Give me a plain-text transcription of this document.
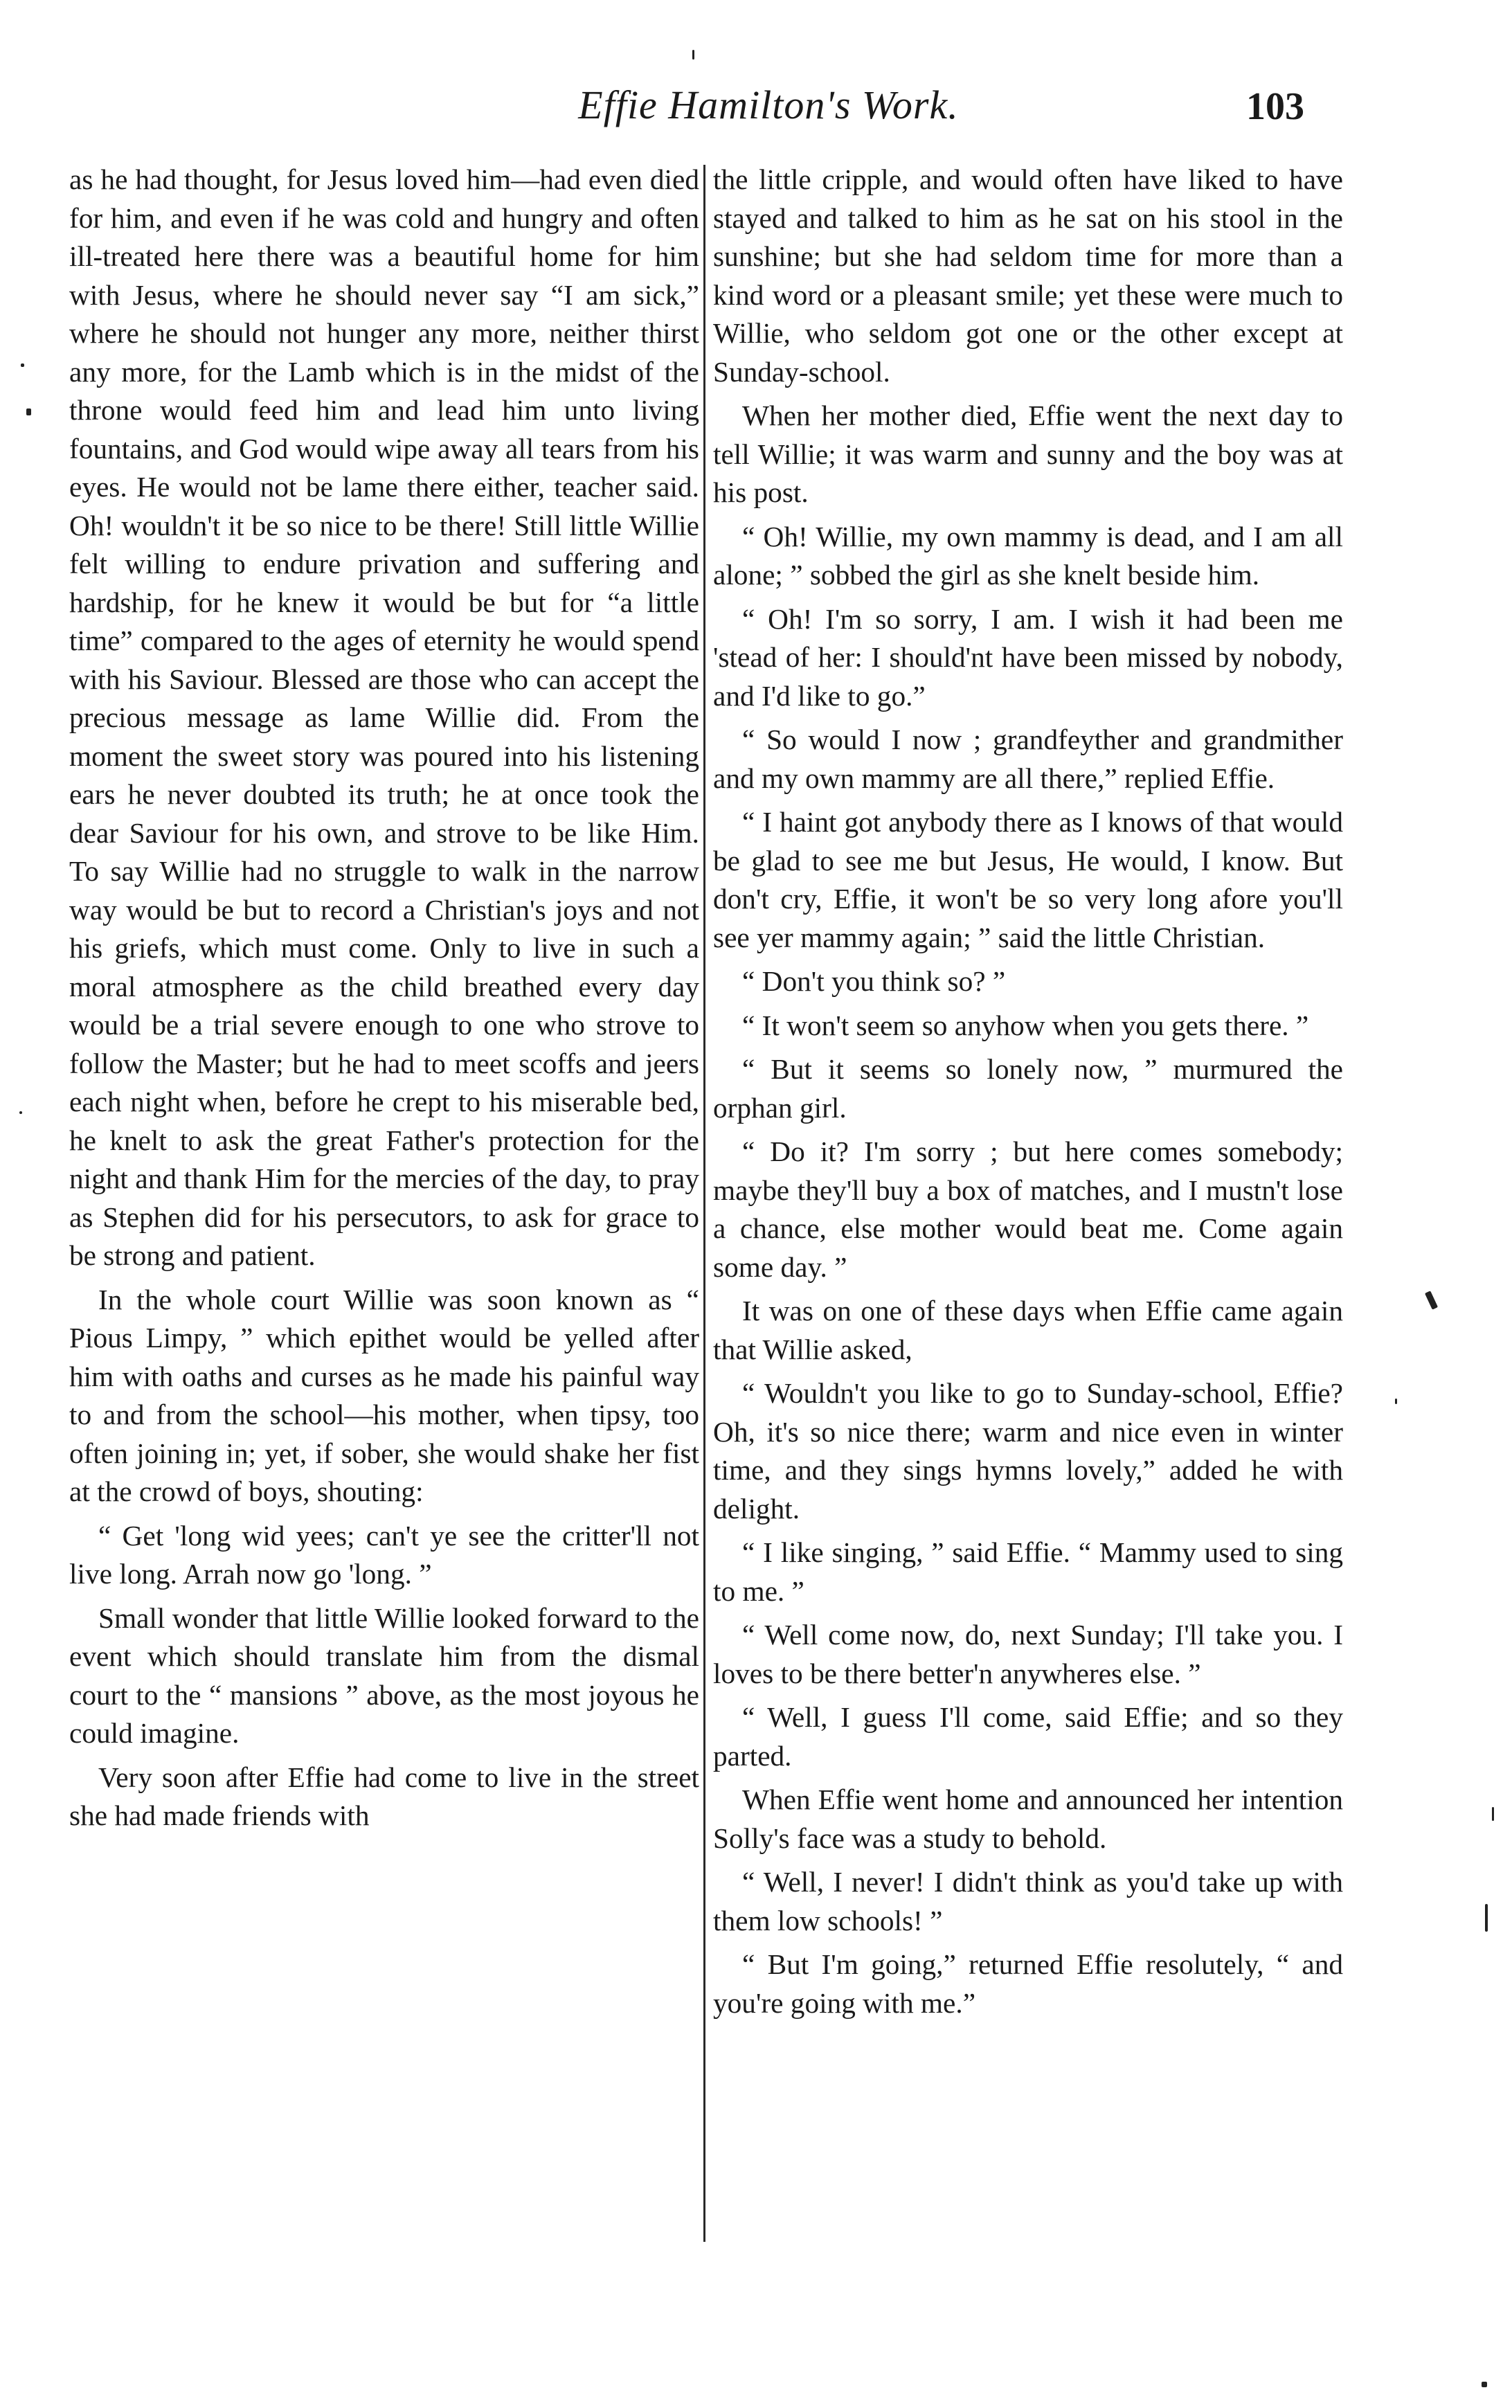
Effie Hamilton's Work.	103

as he had thought, for Jesus loved him—had even died for him, and even if he was cold and hungry and often ill-treated here there was a beautiful home for him with Jesus, where he should never say “I am sick,” where he should not hunger any more, neither thirst any more, for the Lamb which is in the midst of the throne would feed him and lead him unto living fountains, and God would wipe away all tears from his eyes. He would not be lame there either, teacher said. Oh! wouldn't it be so nice to be there! Still little Willie felt willing to endure privation and suffering and hardship, for he knew it would be but for “a little time” compared to the ages of eternity he would spend with his Saviour. Blessed are those who can accept the precious message as lame Willie did. From the moment the sweet story was poured into his listening ears he never doubted its truth; he at once took the dear Saviour for his own, and strove to be like Him. To say Willie had no struggle to walk in the narrow way would be but to record a Christian's joys and not his griefs, which must come. Only to live in such a moral atmosphere as the child breathed every day would be a trial severe enough to one who strove to follow the Master; but he had to meet scoffs and jeers each night when, before he crept to his miserable bed, he knelt to ask the great Father's protection for the night and thank Him for the mercies of the day, to pray as Stephen did for his persecutors, to ask for grace to be strong and patient.

In the whole court Willie was soon known as “ Pious Limpy, ” which epithet would be yelled after him with oaths and curses as he made his painful way to and from the school—his mother, when tipsy, too often joining in; yet, if sober, she would shake her fist at the crowd of boys, shouting:

“ Get 'long wid yees; can't ye see the critter'll not live long. Arrah now go 'long. ”

Small wonder that little Willie looked forward to the event which should translate him from the dismal court to the “ mansions ” above, as the most joyous he could imagine.

Very soon after Effie had come to live in the street she had made friends with

the little cripple, and would often have liked to have stayed and talked to him as he sat on his stool in the sunshine; but she had seldom time for more than a kind word or a pleasant smile; yet these were much to Willie, who seldom got one or the other except at Sunday-school.

When her mother died, Effie went the next day to tell Willie; it was warm and sunny and the boy was at his post.

“ Oh! Willie, my own mammy is dead, and I am all alone; ” sobbed the girl as she knelt beside him.

“ Oh! I'm so sorry, I am. I wish it had been me 'stead of her: I should'nt have been missed by nobody, and I'd like to go.”

“ So would I now ; grandfeyther and grandmither and my own mammy are all there,” replied Effie.

“ I haint got anybody there as I knows of that would be glad to see me but Jesus, He would, I know. But don't cry, Effie, it won't be so very long afore you'll see yer mammy again; ” said the little Christian.

“ Don't you think so? ”

“ It won't seem so anyhow when you gets there. ”

“ But it seems so lonely now, ” murmured the orphan girl.

“ Do it? I'm sorry ; but here comes somebody; maybe they'll buy a box of matches, and I mustn't lose a chance, else mother would beat me. Come again some day. ”

It was on one of these days when Effie came again that Willie asked,

“ Wouldn't you like to go to Sunday-school, Effie? Oh, it's so nice there; warm and nice even in winter time, and they sings hymns lovely,” added he with delight.

“ I like singing, ” said Effie. “ Mammy used to sing to me. ”

“ Well come now, do, next Sunday; I'll take you. I loves to be there better'n anywheres else. ”

“ Well, I guess I'll come, said Effie; and so they parted.

When Effie went home and announced her intention Solly's face was a study to behold.

“ Well, I never! I didn't think as you'd take up with them low schools! ”

“ But I'm going,” returned Effie resolutely, “ and you're going with me.”
